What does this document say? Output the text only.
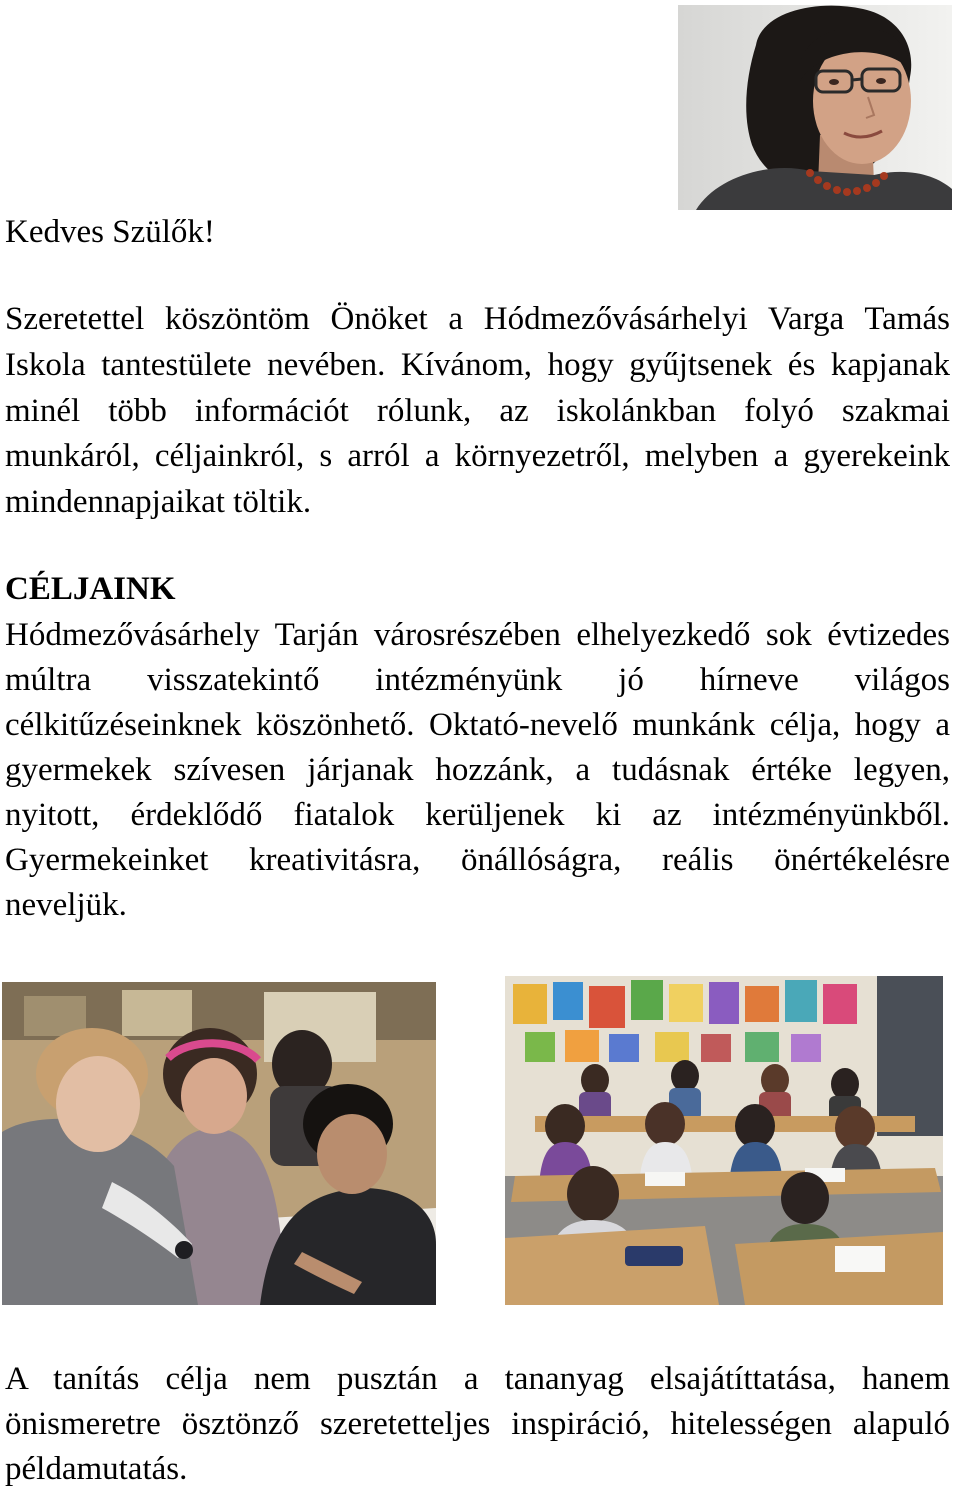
Kedves Szülők!
Szeretettel köszöntöm Önöket a Hódmezővásárhelyi Varga Tamás
Iskola tantestülete nevében. Kívánom, hogy gyűjtsenek és kapjanak
minél több információt rólunk, az iskolánkban folyó szakmai
munkáról, céljainkról, s arról a környezetről, melyben a gyerekeink
mindennapjaikat töltik.
CÉLJAINK
Hódmezővásárhely Tarján városrészében elhelyezkedő sok évtizedes
múltra visszatekintő intézményünk jó hírneve világos
célkitűzéseinknek köszönhető. Oktató-nevelő munkánk célja, hogy a
gyermekek szívesen járjanak hozzánk, a tudásnak értéke legyen,
nyitott, érdeklődő fiatalok kerüljenek ki az intézményünkből.
Gyermekeinket kreativitásra, önállóságra, reális önértékelésre
neveljük.
A tanítás célja nem pusztán a tananyag elsajátíttatása, hanem
önismeretre ösztönző szeretetteljes inspiráció, hitelességen alapuló
példamutatás.
